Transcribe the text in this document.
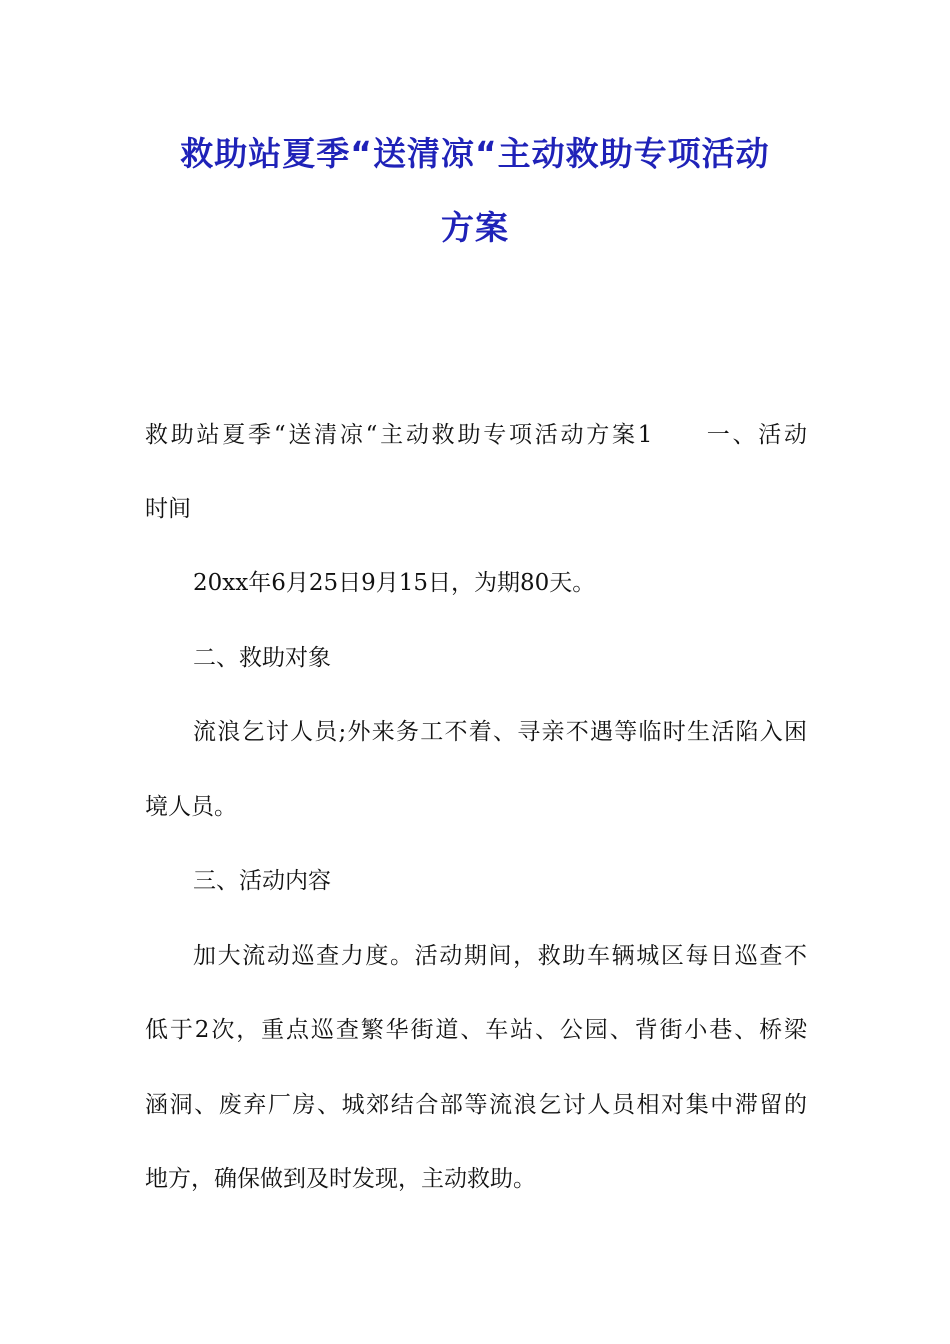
救助站夏季“送清凉“主动救助专项活动
方案
救助站夏季“送清凉“主动救助专项活动方案1　　一、活动
时间
20xx年6月25日9月15日，为期80天。
二、救助对象
流浪乞讨人员;外来务工不着、寻亲不遇等临时生活陷入困
境人员。
三、活动内容
加大流动巡查力度。活动期间，救助车辆城区每日巡查不
低于2次，重点巡查繁华街道、车站、公园、背街小巷、桥梁
涵洞、废弃厂房、城郊结合部等流浪乞讨人员相对集中滞留的
地方，确保做到及时发现，主动救助。
